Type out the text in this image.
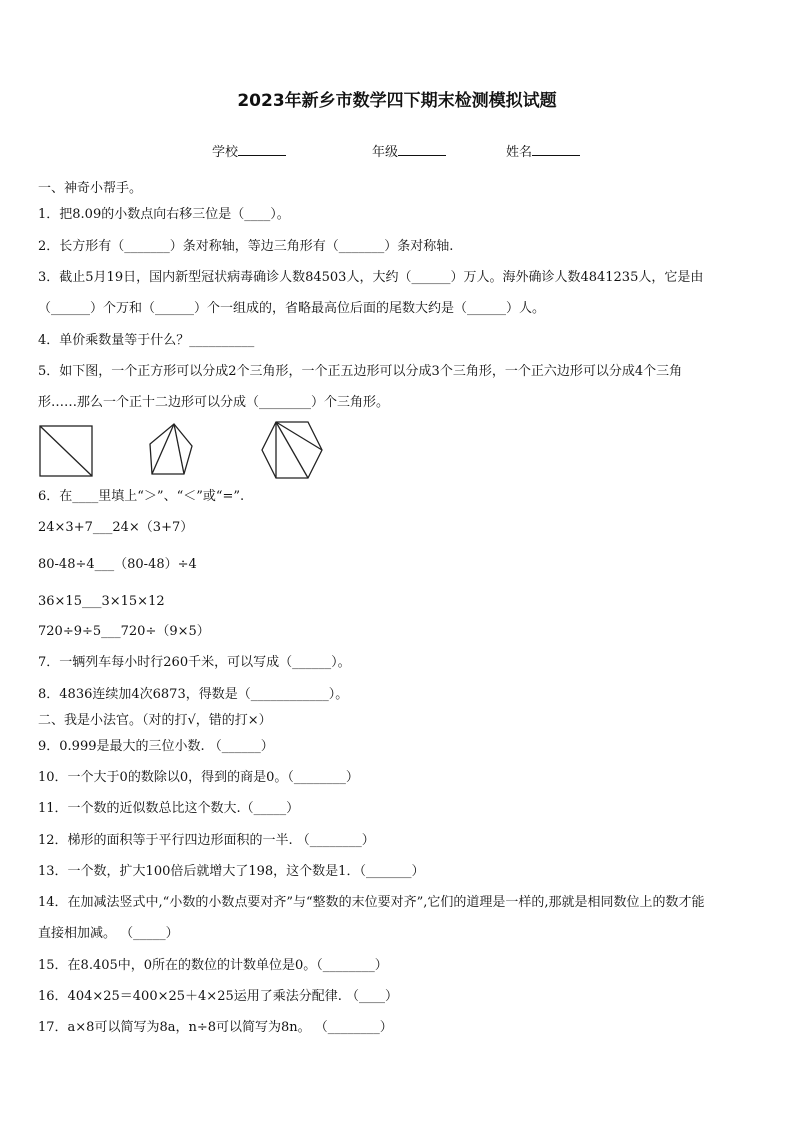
2023年新乡市数学四下期末检测模拟试题
学校	年级	姓名
一、神奇小帮手。
1．把8.09的小数点向右移三位是（____）。
2．长方形有（_______）条对称轴，等边三角形有（_______）条对称轴.
3．截止5月19日，国内新型冠状病毒确诊人数84503人，大约（______）万人。海外确诊人数4841235人，它是由
（______）个万和（______）个一组成的，省略最高位后面的尾数大约是（______）人。
4．单价乘数量等于什么？__________
5．如下图，一个正方形可以分成2个三角形，一个正五边形可以分成3个三角形，一个正六边形可以分成4个三角
形……那么一个正十二边形可以分成（________）个三角形。
6．在____里填上“＞”、“＜”或“=”.
24×3+7___24×（3+7）
80-48÷4___（80-48）÷4
36×15___3×15×12
720÷9÷5___720÷（9×5）
7．一辆列车每小时行260千米，可以写成（______）。
8．4836连续加4次6873，得数是（____________）。
二、我是小法官。（对的打√，错的打×）
9．0.999是最大的三位小数. （______）
10．一个大于0的数除以0，得到的商是0。（________）
11．一个数的近似数总比这个数大.（_____）
12．梯形的面积等于平行四边形面积的一半. （________）
13．一个数，扩大100倍后就增大了198，这个数是1．（_______）
14．在加减法竖式中,“小数的小数点要对齐”与“整数的末位要对齐”,它们的道理是一样的,那就是相同数位上的数才能
直接相加减。 （_____）
15．在8.405中，0所在的数位的计数单位是0。（________）
16．404×25＝400×25＋4×25运用了乘法分配律. （____）
17．a×8可以简写为8a，n÷8可以简写为8n。 （________）
